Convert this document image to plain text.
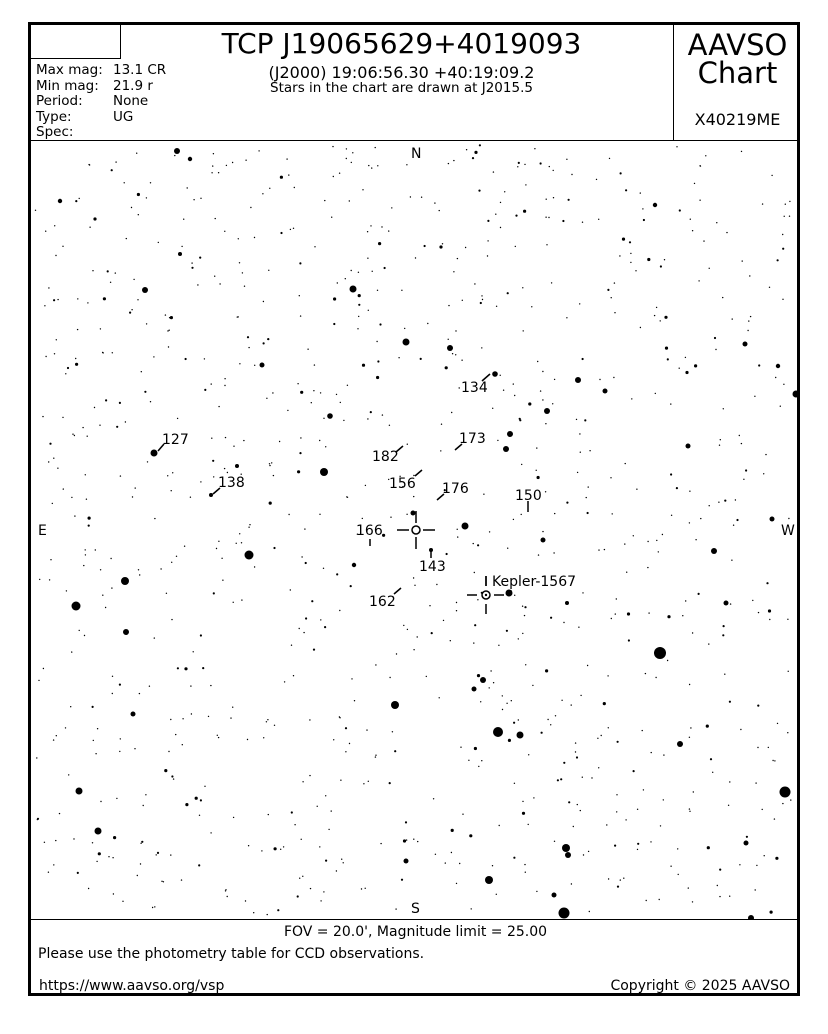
Max mag: 13.1 CR
Min mag:	21.9 r
Period:	None
Type:	UG
Spec:
TCP J19065629+4019093
(J2000) 19:06:56.30 +40:19:09.2
Stars in the chart are drawn at J2015.5
AAVSO
Chart
X40219ME
127
138
182
173
134
156 176	150
166
143
162
Kepler-1567
N
S
E	W
FOV = 20.0', Magnitude limit = 25.00
Please use the photometry table for CCD observations.
https://www.aavso.org/vsp	Copyright © 2025 AAVSO
